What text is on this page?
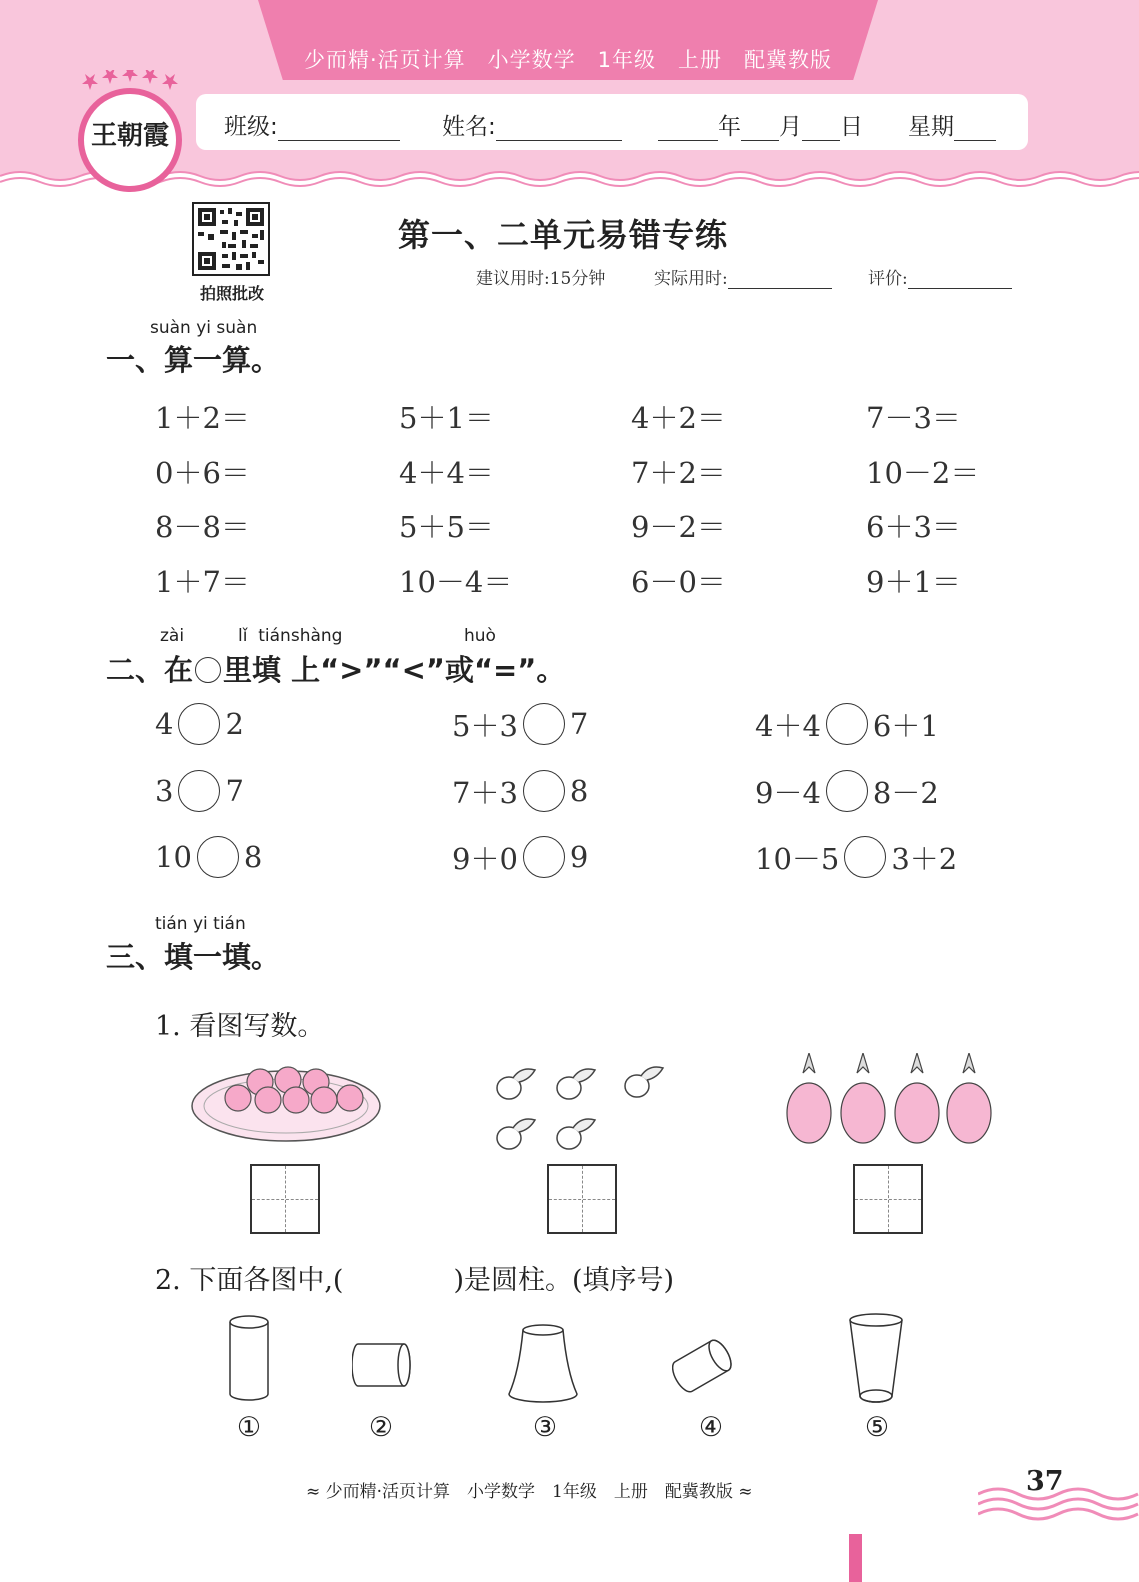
少而精·活页计算　小学数学　1年级　上册　配冀教版
班级:	姓名:	年 月 日 星期
王朝霞
拍照批改
第一、二单元易错专练
建议用时:15分钟	实际用时:	评价:
suàn yi suàn
一、算一算。
1＋2＝	5＋1＝	4＋2＝	7－3＝
0＋6＝	4＋4＝	7＋2＝	10－2＝
8－8＝	5＋5＝	9－2＝	6＋3＝
1＋7＝	10－4＝	6－0＝	9＋1＝
zài	lǐ  tiánshàng	huò
二、在 里填 上“>”“<”或“=”。
4 2	5＋3 7	4＋4 6＋1
3 7	7＋3 8	9－4 8－2
10 8	9＋0 9	10－5 3＋2
tián yi tián
三、填一填。
1. 看图写数。
2. 下面各图中,(	)是圆柱。(填序号)
①	②	③	④	⑤
≈ 少而精·活页计算　小学数学　1年级　上册　配冀教版 ≈	37
